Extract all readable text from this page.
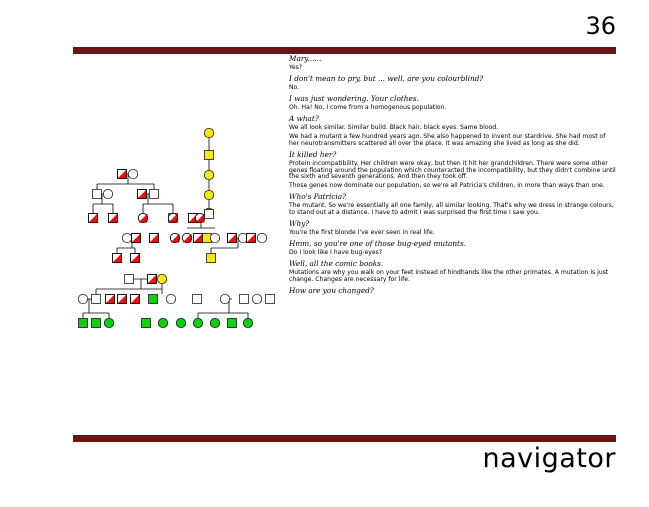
36
Mary......
Yes?
I don't mean to pry, but ... well, are you colourblind?
No.
I was just wondering. Your clothes.
Oh. Ha! No, I come from a homogenous population.
A what?
We all look similar. Similar build. Black hair, black eyes. Same blood.
We had a mutant a few hundred years ago. She also happened to invent our stardrive. She had most of her neurotransmitters scattered all over the place. It was amazing she lived as long as she did.
It killed her?
Protein incompatibility. Her children were okay, but then it hit her grandchildren. There were some other genes floating around the population which counteracted the incompatibility, but they didn't combine until the sixth and seventh generations. And then they took off.
Those genes now dominate our population, so we're all Patricia's children, in more than ways than one.
Who's Patricia?
The mutant. So we're essentially all one family, all similar looking. That's why we dress in strange colours, to stand out at a distance. I have to admit I was surprised the first time I saw you.
Why?
You're the first blonde I've ever seen in real life.
Hmm, so you're one of those bug-eyed mutants.
Do I look like I have bug-eyes?
Well, all the comic books.
Mutations are why you walk on your feet instead of hindhands like the other primates. A mutation is just change. Changes are necessary for life.
How are you changed?
navigator
